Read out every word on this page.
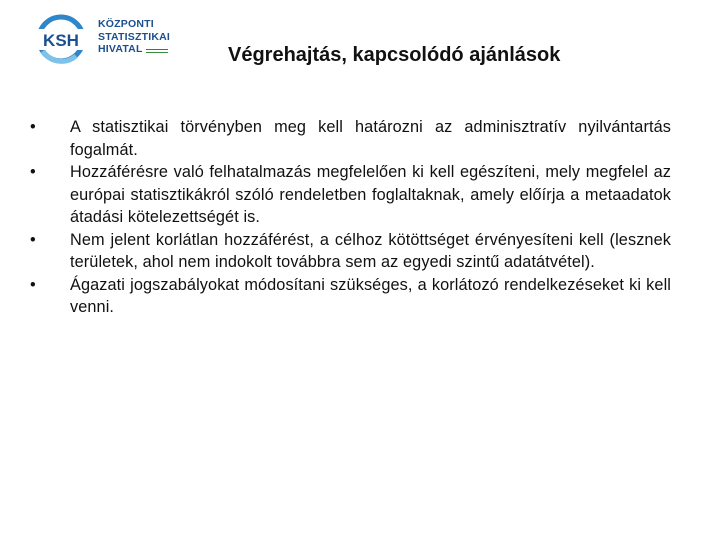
KSH
KÖZPONTI
STATISZTIKAI
HIVATAL	Végrehajtás, kapcsolódó ajánlások
• A statisztikai törvényben meg kell határozni az adminisztratív nyilvántartás fogalmát.
• Hozzáférésre való felhatalmazás megfelelően ki kell egészíteni, mely megfelel az európai statisztikákról szóló rendeletben foglaltaknak, amely előírja a metaadatok átadási kötelezettségét is.
• Nem jelent korlátlan hozzáférést, a célhoz kötöttséget érvényesíteni kell (lesznek területek, ahol nem indokolt továbbra sem az egyedi szintű adatátvétel).
• Ágazati jogszabályokat módosítani szükséges, a korlátozó rendelkezéseket ki kell venni.
